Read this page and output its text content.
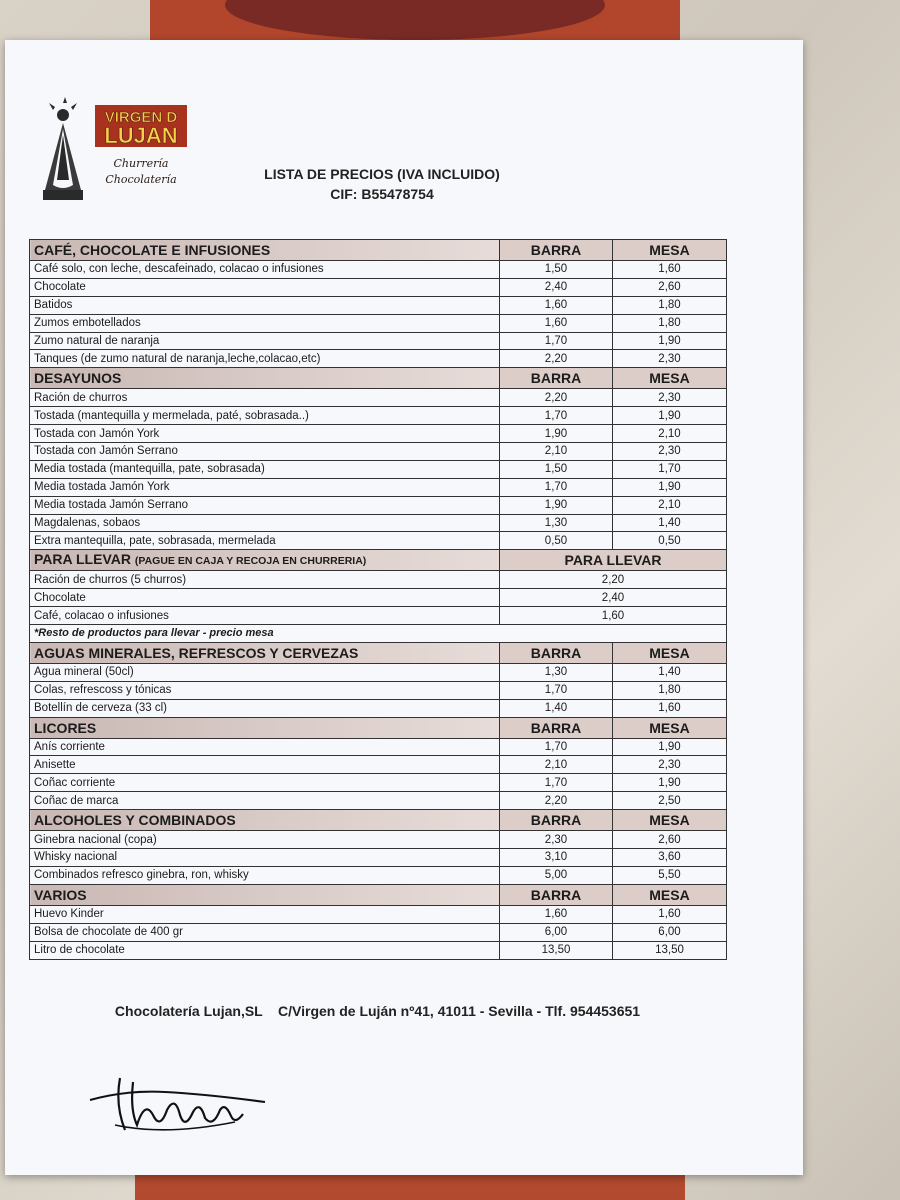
VIRGEN D
LUJAN
Churrería
Chocolatería	LISTA DE PRECIOS (IVA INCLUIDO)
CIF: B55478754
CAFÉ, CHOCOLATE E INFUSIONES	BARRA	MESA
Café solo, con leche, descafeinado, colacao o infusiones	1,50	1,60
Chocolate	2,40	2,60
Batidos	1,60	1,80
Zumos embotellados	1,60	1,80
Zumo natural de naranja	1,70	1,90
Tanques (de zumo natural de naranja,leche,colacao,etc)	2,20	2,30
DESAYUNOS	BARRA	MESA
Ración de churros	2,20	2,30
Tostada (mantequilla y mermelada, paté, sobrasada..)	1,70	1,90
Tostada con Jamón York	1,90	2,10
Tostada con Jamón Serrano	2,10	2,30
Media tostada (mantequilla, pate, sobrasada)	1,50	1,70
Media tostada Jamón York	1,70	1,90
Media tostada Jamón Serrano	1,90	2,10
Magdalenas, sobaos	1,30	1,40
Extra mantequilla, pate, sobrasada, mermelada	0,50	0,50
PARA LLEVAR (PAGUE EN CAJA Y RECOJA EN CHURRERIA)	PARA LLEVAR	
Ración de churros (5 churros)	2,20	
Chocolate	2,40	
Café, colacao o infusiones	1,60	
*Resto de productos para llevar - precio mesa		
AGUAS MINERALES, REFRESCOS Y CERVEZAS	BARRA	MESA
Agua mineral (50cl)	1,30	1,40
Colas, refrescoss y tónicas	1,70	1,80
Botellín de cerveza (33 cl)	1,40	1,60
LICORES	BARRA	MESA
Anís corriente	1,70	1,90
Anisette	2,10	2,30
Coñac corriente	1,70	1,90
Coñac de marca	2,20	2,50
ALCOHOLES Y COMBINADOS	BARRA	MESA
Ginebra nacional (copa)	2,30	2,60
Whisky nacional	3,10	3,60
Combinados refresco ginebra, ron, whisky	5,00	5,50
VARIOS	BARRA	MESA
Huevo Kinder	1,60	1,60
Bolsa de chocolate de 400 gr	6,00	6,00
Litro de chocolate	13,50	13,50
Chocolatería Lujan,SL    C/Virgen de Luján nº41, 41011 - Sevilla - Tlf. 954453651
